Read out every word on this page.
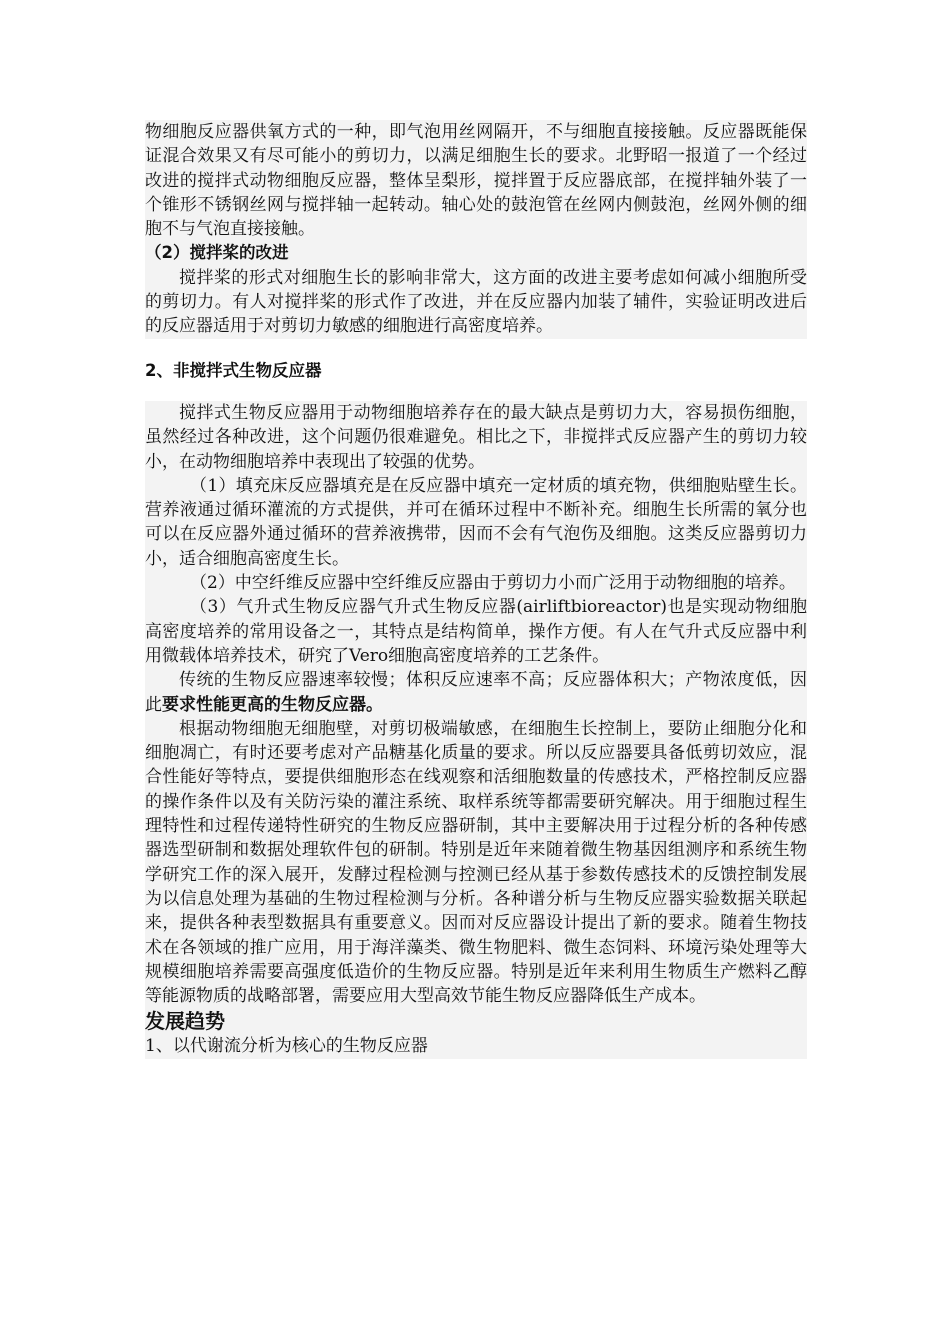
物细胞反应器供氧方式的一种，即气泡用丝网隔开，不与细胞直接接触。反应器既能保证混合效果又有尽可能小的剪切力，以满足细胞生长的要求。北野昭一报道了一个经过改进的搅拌式动物细胞反应器，整体呈梨形，搅拌置于反应器底部，在搅拌轴外装了一个锥形不锈钢丝网与搅拌轴一起转动。轴心处的鼓泡管在丝网内侧鼓泡，丝网外侧的细胞不与气泡直接接触。

（2）搅拌桨的改进

搅拌桨的形式对细胞生长的影响非常大，这方面的改进主要考虑如何减小细胞所受的剪切力。有人对搅拌桨的形式作了改进，并在反应器内加装了辅件，实验证明改进后的反应器适用于对剪切力敏感的细胞进行高密度培养。

2、非搅拌式生物反应器

搅拌式生物反应器用于动物细胞培养存在的最大缺点是剪切力大，容易损伤细胞，虽然经过各种改进，这个问题仍很难避免。相比之下，非搅拌式反应器产生的剪切力较小，在动物细胞培养中表现出了较强的优势。

（1）填充床反应器填充是在反应器中填充一定材质的填充物，供细胞贴壁生长。营养液通过循环灌流的方式提供，并可在循环过程中不断补充。细胞生长所需的氧分也可以在反应器外通过循环的营养液携带，因而不会有气泡伤及细胞。这类反应器剪切力小，适合细胞高密度生长。

（2）中空纤维反应器中空纤维反应器由于剪切力小而广泛用于动物细胞的培养。

（3）气升式生物反应器气升式生物反应器(airliftbioreactor)也是实现动物细胞高密度培养的常用设备之一，其特点是结构简单，操作方便。有人在气升式反应器中利用微载体培养技术，研究了Vero细胞高密度培养的工艺条件。

传统的生物反应器速率较慢；体积反应速率不高；反应器体积大；产物浓度低，因此要求性能更高的生物反应器。

根据动物细胞无细胞壁，对剪切极端敏感，在细胞生长控制上，要防止细胞分化和细胞凋亡，有时还要考虑对产品糖基化质量的要求。所以反应器要具备低剪切效应，混合性能好等特点，要提供细胞形态在线观察和活细胞数量的传感技术，严格控制反应器的操作条件以及有关防污染的灌注系统、取样系统等都需要研究解决。用于细胞过程生理特性和过程传递特性研究的生物反应器研制，其中主要解决用于过程分析的各种传感器选型研制和数据处理软件包的研制。特别是近年来随着微生物基因组测序和系统生物学研究工作的深入展开，发酵过程检测与控测已经从基于参数传感技术的反馈控制发展为以信息处理为基础的生物过程检测与分析。各种谱分析与生物反应器实验数据关联起来，提供各种表型数据具有重要意义。因而对反应器设计提出了新的要求。随着生物技术在各领域的推广应用，用于海洋藻类、微生物肥料、微生态饲料、环境污染处理等大规模细胞培养需要高强度低造价的生物反应器。特别是近年来利用生物质生产燃料乙醇等能源物质的战略部署，需要应用大型高效节能生物反应器降低生产成本。

发展趋势

1、以代谢流分析为核心的生物反应器
